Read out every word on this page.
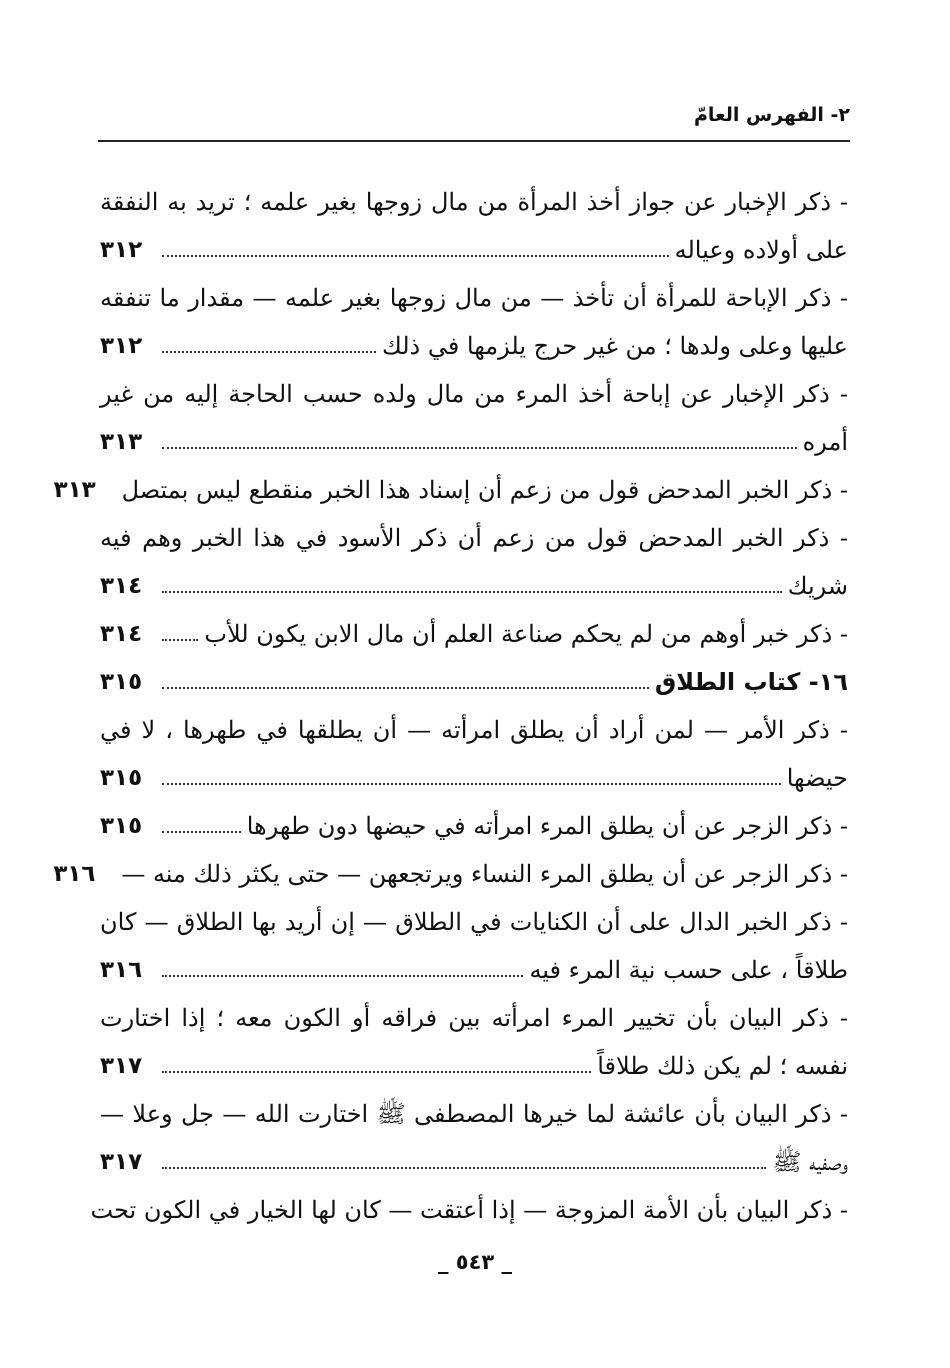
٢- الفهرس العامّ
- ذكر الإخبار عن جواز أخذ المرأة من مال زوجها بغير علمه ؛ تريد به النفقة
على أولاده وعياله
٣١٢
- ذكر الإباحة للمرأة أن تأخذ — من مال زوجها بغير علمه — مقدار ما تنفقه
عليها وعلى ولدها ؛ من غير حرج يلزمها في ذلك
٣١٢
- ذكر الإخبار عن إباحة أخذ المرء من مال ولده حسب الحاجة إليه من غير
أمره
٣١٣
- ذكر الخبر المدحض قول من زعم أن إسناد هذا الخبر منقطع ليس بمتصل
٣١٣
- ذكر الخبر المدحض قول من زعم أن ذكر الأسود في هذا الخبر وهم فيه
شريك
٣١٤
- ذكر خبر أوهم من لم يحكم صناعة العلم أن مال الابن يكون للأب
٣١٤
١٦- كتاب الطلاق
٣١٥
- ذكر الأمر — لمن أراد أن يطلق امرأته — أن يطلقها في طهرها ، لا في
حيضها
٣١٥
- ذكر الزجر عن أن يطلق المرء امرأته في حيضها دون طهرها
٣١٥
- ذكر الزجر عن أن يطلق المرء النساء ويرتجعهن — حتى يكثر ذلك منه —
٣١٦
- ذكر الخبر الدال على أن الكنايات في الطلاق — إن أريد بها الطلاق — كان
طلاقاً ، على حسب نية المرء فيه
٣١٦
- ذكر البيان بأن تخيير المرء امرأته بين فراقه أو الكون معه ؛ إذا اختارت
نفسه ؛ لم يكن ذلك طلاقاً
٣١٧
- ذكر البيان بأن عائشة لما خيرها المصطفى ﷺ اختارت الله — جل وعلا —
وصفيه ﷺ
٣١٧
- ذكر البيان بأن الأمة المزوجة — إذا أعتقت — كان لها الخيار في الكون تحت
_ ٥٤٣ _
